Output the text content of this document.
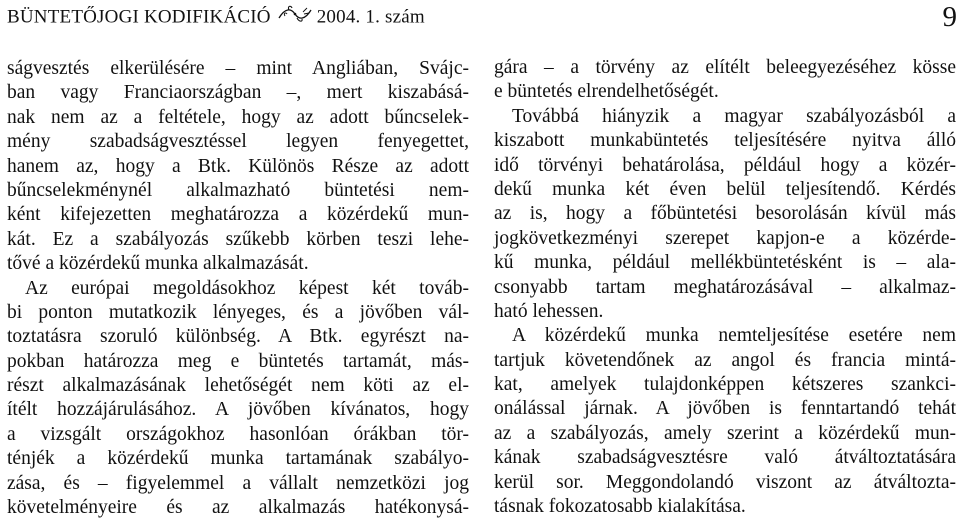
BÜNTETŐJOGI KODIFIKÁCIÓ 2004. 1. szám	9
ságvesztés elkerülésére – mint Angliában, Svájc-
ban vagy Franciaországban –, mert kiszabásá-
nak nem az a feltétele, hogy az adott bűncselek-
mény szabadságvesztéssel legyen fenyegettet,
hanem az, hogy a Btk. Különös Része az adott
bűncselekménynél alkalmazható büntetési nem-
ként kifejezetten meghatározza a közérdekű mun-
kát. Ez a szabályozás szűkebb körben teszi lehe-
tővé a közérdekű munka alkalmazását.
Az európai megoldásokhoz képest két továb-
bi ponton mutatkozik lényeges, és a jövőben vál-
toztatásra szoruló különbség. A Btk. egyrészt na-
pokban határozza meg e büntetés tartamát, más-
részt alkalmazásának lehetőségét nem köti az el-
ítélt hozzájárulásához. A jövőben kívánatos, hogy
a vizsgált országokhoz hasonlóan órákban tör-
ténjék a közérdekű munka tartamának szabályo-
zása, és – figyelemmel a vállalt nemzetközi jog
követelményeire és az alkalmazás hatékonysá-
gára – a törvény az elítélt beleegyezéséhez kösse
e büntetés elrendelhetőségét.
Továbbá hiányzik a magyar szabályozásból a
kiszabott munkabüntetés teljesítésére nyitva álló
idő törvényi behatárolása, például hogy a közér-
dekű munka két éven belül teljesítendő. Kérdés
az is, hogy a főbüntetési besorolásán kívül más
jogkövetkezményi szerepet kapjon-e a közérde-
kű munka, például mellékbüntetésként is – ala-
csonyabb tartam meghatározásával – alkalmaz-
ható lehessen.
A közérdekű munka nemteljesítése esetére nem
tartjuk követendőnek az angol és francia mintá-
kat, amelyek tulajdonképpen kétszeres szankci-
onálással járnak. A jövőben is fenntartandó tehát
az a szabályozás, amely szerint a közérdekű mun-
kának szabadságvesztésre való átváltoztatására
kerül sor. Meggondolandó viszont az átváltozta-
tásnak fokozatosabb kialakítása.
